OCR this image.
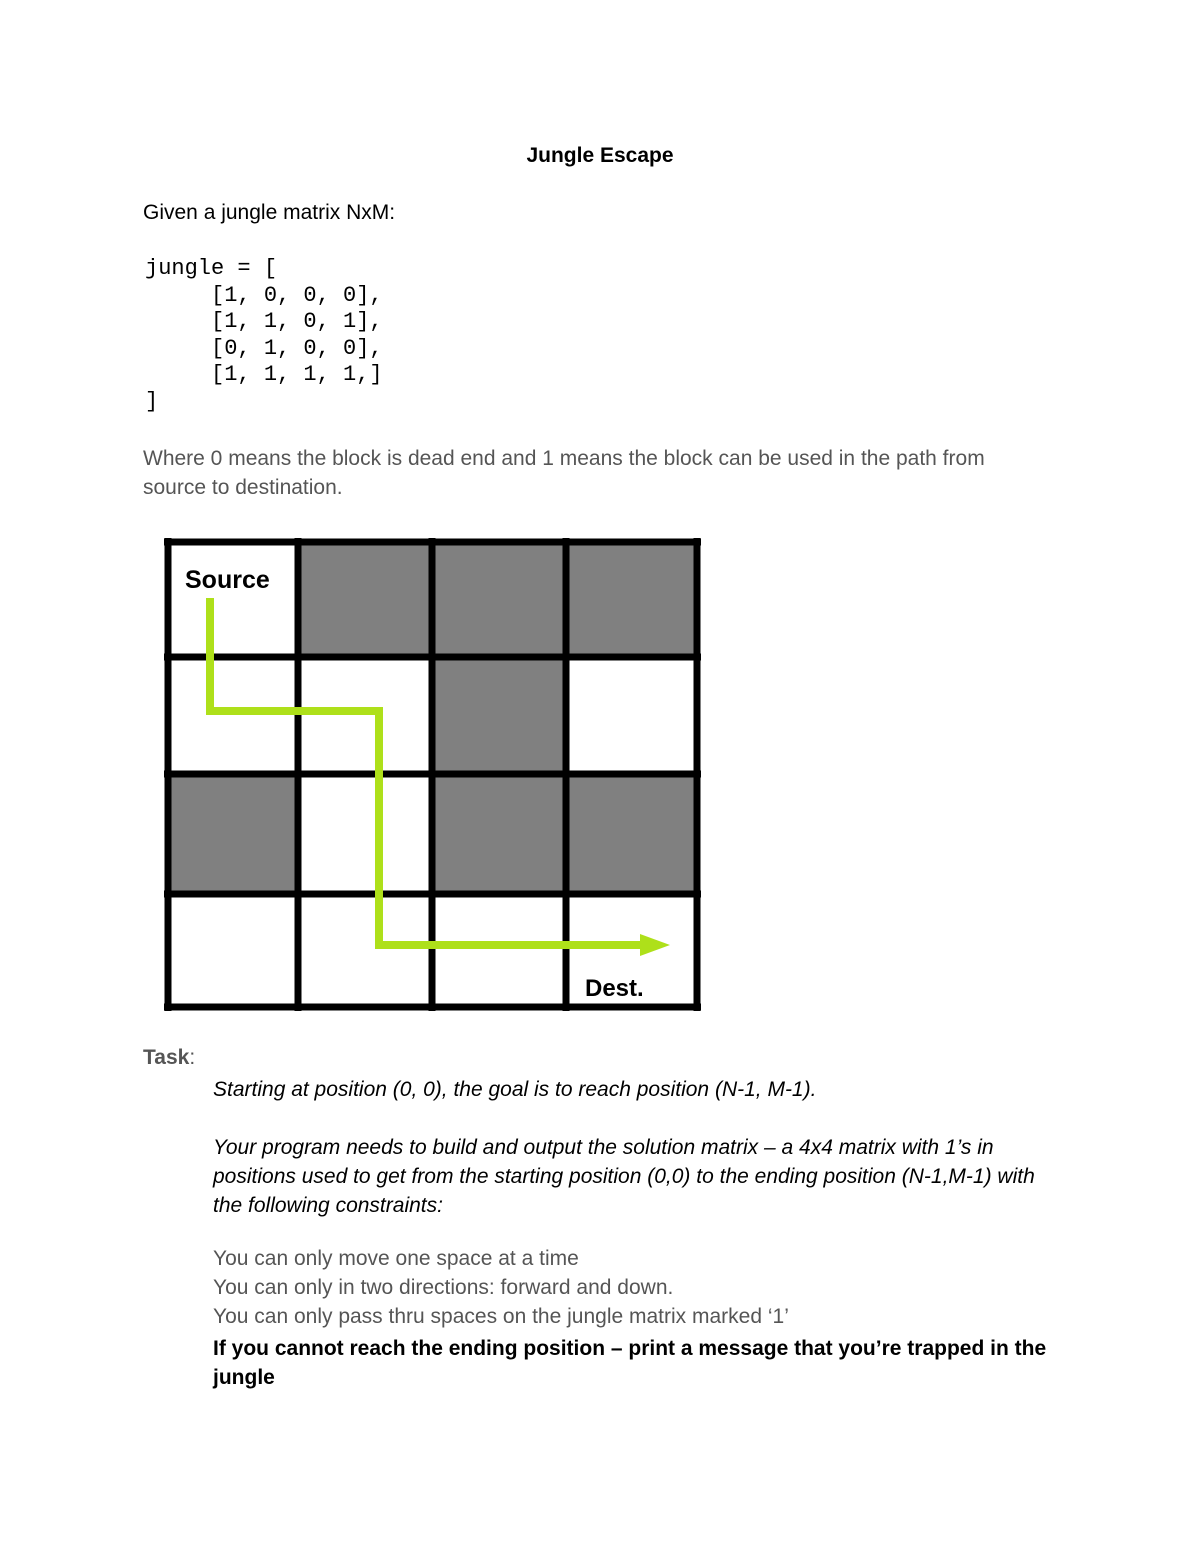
Jungle Escape
Given a jungle matrix NxM:
jungle = [
[1, 0, 0, 0],
[1, 1, 0, 1],
[0, 1, 0, 0],
[1, 1, 1, 1,]
]
Where 0 means the block is dead end and 1 means the block can be used in the path from source to destination.
Source
Dest.
Task:
Starting at position (0, 0), the goal is to reach position (N-1, M-1).
Your program needs to build and output the solution matrix – a 4x4 matrix with 1’s in positions used to get from the starting position (0,0) to the ending position (N-1,M-1) with the following constraints:
You can only move one space at a time
You can only in two directions: forward and down.
You can only pass thru spaces on the jungle matrix marked ‘1’
If you cannot reach the ending position – print a message that you’re trapped in the jungle
